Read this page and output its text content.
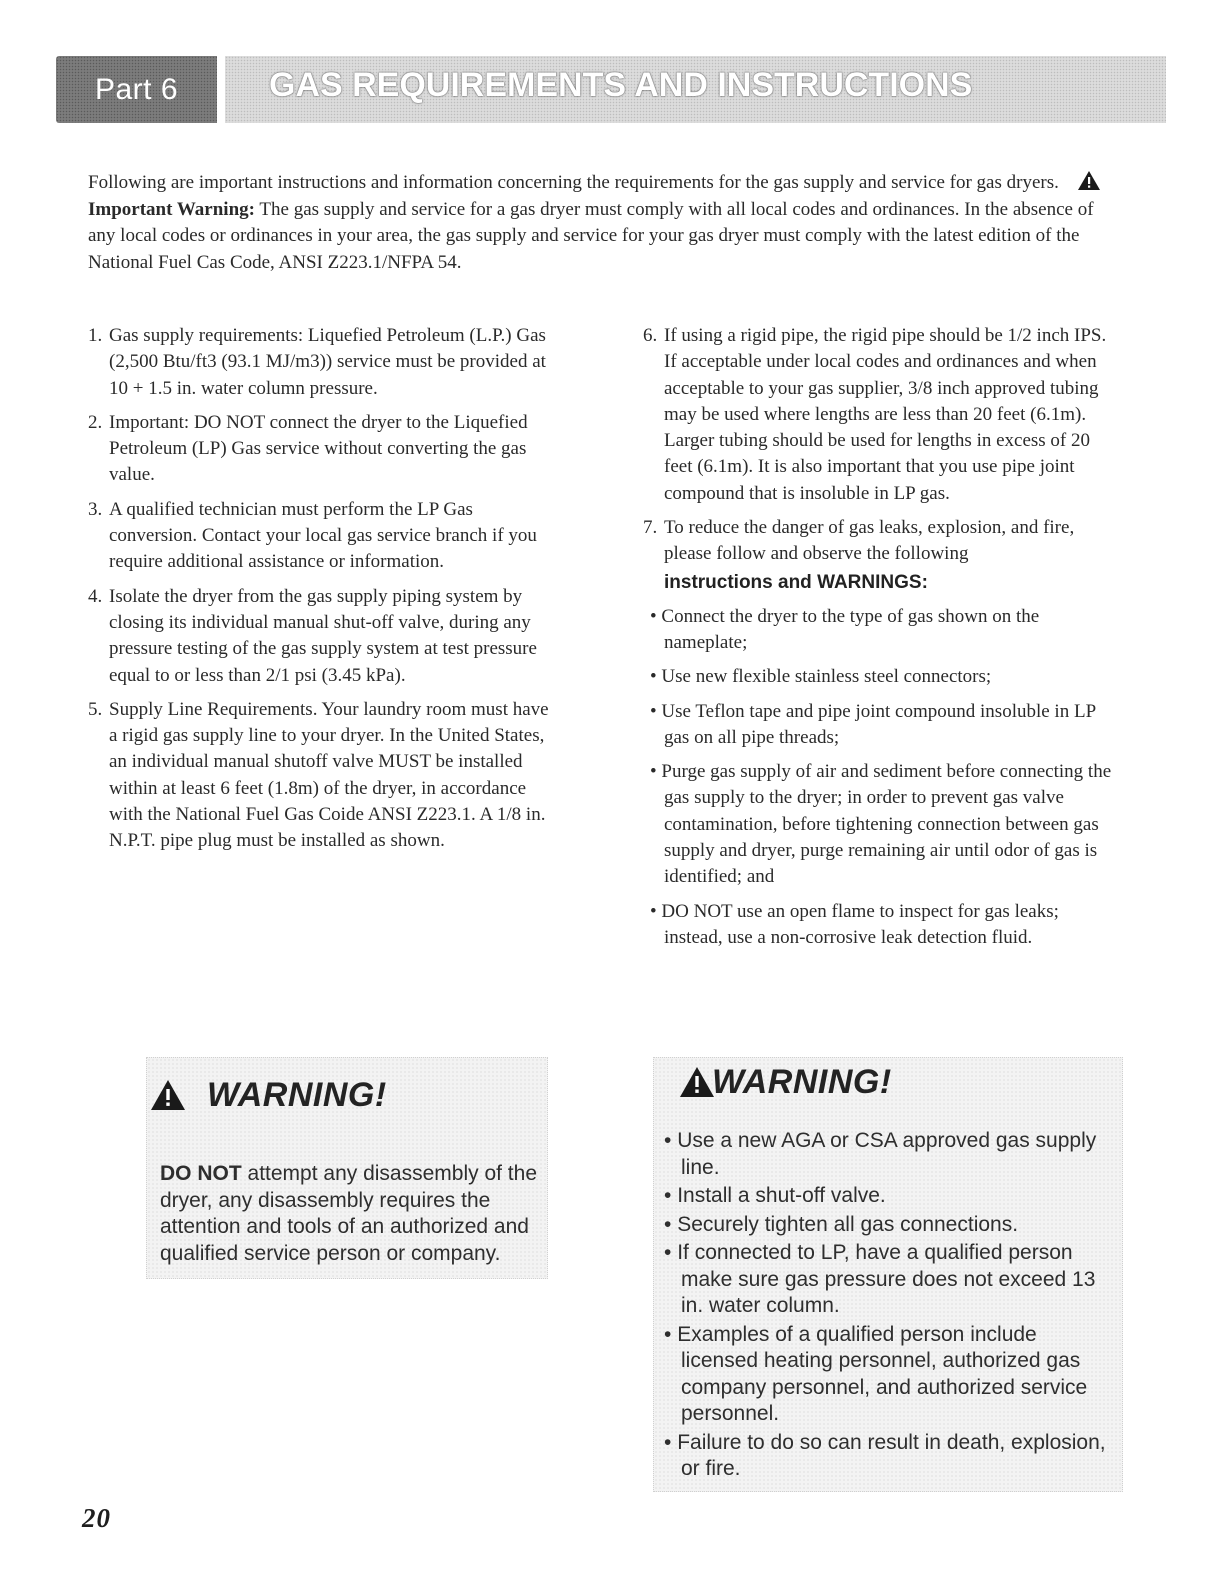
Part 6	GAS REQUIREMENTS AND INSTRUCTIONS
Following are important instructions and information concerning the requirements for the gas supply and service for gas dryers. Important Warning: The gas supply and service for a gas dryer must comply with all local codes and ordinances. In the absence of any local codes or ordinances in your area, the gas supply and service for your gas dryer must comply with the latest edition of the National Fuel Cas Code, ANSI Z223.1/NFPA 54.
1. Gas supply requirements: Liquefied Petroleum (L.P.) Gas (2,500 Btu/ft3 (93.1 MJ/m3)) service must be provided at 10 + 1.5 in. water column pressure.
2. Important: DO NOT connect the dryer to the Liquefied Petroleum (LP) Gas service without converting the gas value.
3. A qualified technician must perform the LP Gas conversion. Contact your local gas service branch if you require additional assistance or information.
4. Isolate the dryer from the gas supply piping system by closing its individual manual shut-off valve, during any pressure testing of the gas supply system at test pressure equal to or less than 2/1 psi (3.45 kPa).
5. Supply Line Requirements. Your laundry room must have a rigid gas supply line to your dryer. In the United States, an individual manual shutoff valve MUST be installed within at least 6 feet (1.8m) of the dryer, in accordance with the National Fuel Gas Coide ANSI Z223.1. A 1/8 in. N.P.T. pipe plug must be installed as shown.
6. If using a rigid pipe, the rigid pipe should be 1/2 inch IPS. If acceptable under local codes and ordinances and when acceptable to your gas supplier, 3/8 inch approved tubing may be used where lengths are less than 20 feet (6.1m). Larger tubing should be used for lengths in excess of 20 feet (6.1m). It is also important that you use pipe joint compound that is insoluble in LP gas.
7. To reduce the danger of gas leaks, explosion, and fire, please follow and observe the following
instructions and WARNINGS:
• Connect the dryer to the type of gas shown on the nameplate;
• Use new flexible stainless steel connectors;
• Use Teflon tape and pipe joint compound insoluble in LP gas on all pipe threads;
• Purge gas supply of air and sediment before connecting the gas supply to the dryer; in order to prevent gas valve contamination, before tightening connection between gas supply and dryer, purge remaining air until odor of gas is identified; and
• DO NOT use an open flame to inspect for gas leaks; instead, use a non-corrosive leak detection fluid.
WARNING!
DO NOT attempt any disassembly of the dryer, any disassembly requires the attention and tools of an authorized and qualified service person or company.
WARNING!
• Use a new AGA or CSA approved gas supply line.
• Install a shut-off valve.
• Securely tighten all gas connections.
• If connected to LP, have a qualified person make sure gas pressure does not exceed 13 in. water column.
• Examples of a qualified person include licensed heating personnel, authorized gas company personnel, and authorized service personnel.
• Failure to do so can result in death, explosion, or fire.
20
